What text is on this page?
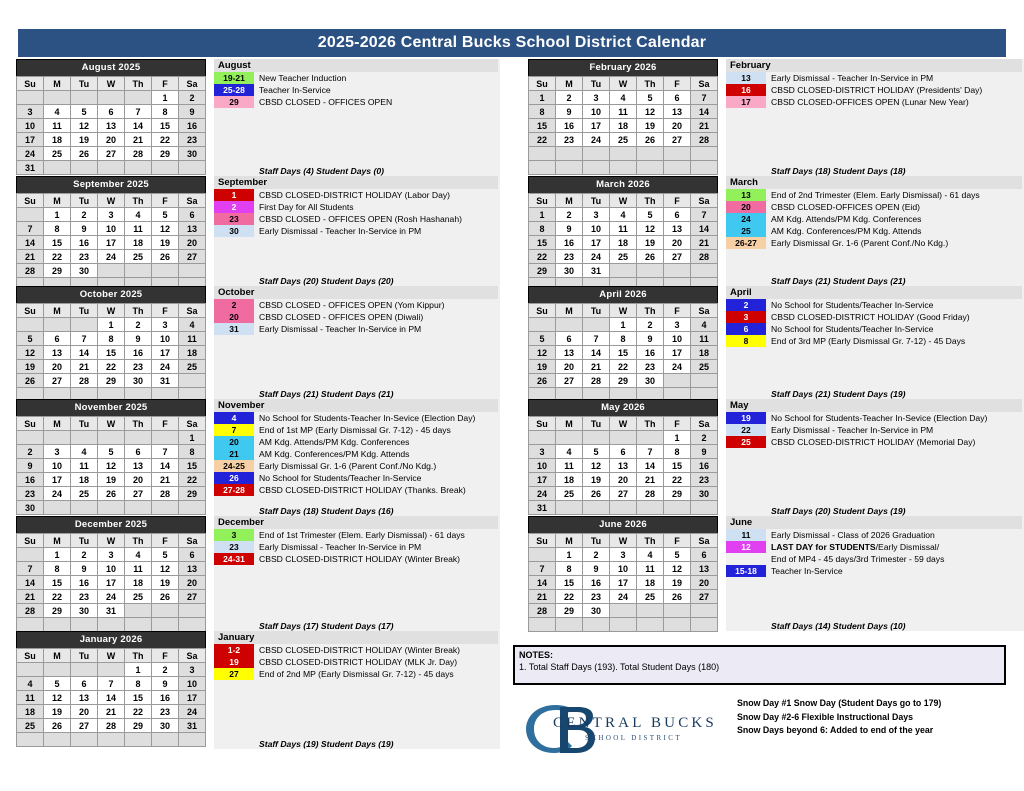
2025-2026 Central Bucks School District Calendar
August 2025
Su	M	Tu	W	Th	F	Sa
					1	2
3	4	5	6	7	8	9
10	11	12	13	14	15	16
17	18	19	20	21	22	23
24	25	26	27	28	29	30
31						
August
19-21	New Teacher Induction
25-28	Teacher In-Service
29	CBSD CLOSED - OFFICES OPEN
Staff Days (4) Student Days (0)
February 2026
Su	M	Tu	W	Th	F	Sa
1	2	3	4	5	6	7
8	9	10	11	12	13	14
15	16	17	18	19	20	21
22	23	24	25	26	27	28

February
13	Early Dismissal - Teacher In-Service in PM
16	CBSD CLOSED-DISTRICT HOLIDAY (Presidents' Day)
17	CBSD CLOSED-OFFICES OPEN (Lunar New Year)
Staff Days (18) Student Days (18)
September 2025
Su	M	Tu	W	Th	F	Sa
	1	2	3	4	5	6
7	8	9	10	11	12	13
14	15	16	17	18	19	20
21	22	23	24	25	26	27
28	29	30				

September
1	CBSD CLOSED-DISTRICT HOLIDAY (Labor Day)
2	First Day for All Students
23	CBSD CLOSED - OFFICES OPEN (Rosh Hashanah)
30	Early Dismissal - Teacher In-Service in PM
Staff Days (20) Student Days (20)
March 2026
Su	M	Tu	W	Th	F	Sa
1	2	3	4	5	6	7
8	9	10	11	12	13	14
15	16	17	18	19	20	21
22	23	24	25	26	27	28
29	30	31				

March
13	End of 2nd Trimester (Elem. Early Dismissal) - 61 days
20	CBSD CLOSED-OFFICES OPEN (Eid)
24	AM Kdg. Attends/PM Kdg. Conferences
25	AM Kdg. Conferences/PM Kdg. Attends
26-27	Early Dismissal Gr. 1-6 (Parent Conf./No Kdg.)
Staff Days (21) Student Days (21)
October 2025
Su	M	Tu	W	Th	F	Sa
			1	2	3	4
5	6	7	8	9	10	11
12	13	14	15	16	17	18
19	20	21	22	23	24	25
26	27	28	29	30	31	

October
2	CBSD CLOSED - OFFICES OPEN (Yom Kippur)
20	CBSD CLOSED - OFFICES OPEN (Diwali)
31	Early Dismissal - Teacher In-Service in PM
Staff Days (21) Student Days (21)
April 2026
Su	M	Tu	W	Th	F	Sa
			1	2	3	4
5	6	7	8	9	10	11
12	13	14	15	16	17	18
19	20	21	22	23	24	25
26	27	28	29	30		

April
2	No School for Students/Teacher In-Service
3	CBSD CLOSED-DISTRICT HOLIDAY (Good Friday)
6	No School for Students/Teacher In-Service
8	End of 3rd MP (Early Dismissal Gr. 7-12) - 45 Days
Staff Days (21) Student Days (19)
November 2025
Su	M	Tu	W	Th	F	Sa
						1
2	3	4	5	6	7	8
9	10	11	12	13	14	15
16	17	18	19	20	21	22
23	24	25	26	27	28	29
30						
November
4	No School for Students-Teacher In-Sevice (Election Day)
7	End of 1st MP (Early Dismissal Gr. 7-12) - 45 days
20	AM Kdg. Attends/PM Kdg. Conferences
21	AM Kdg. Conferences/PM Kdg. Attends
24-25	Early Dismissal Gr. 1-6 (Parent Conf./No Kdg.)
26	No School for Students/Teacher In-Service
27-28	CBSD CLOSED-DISTRICT HOLIDAY (Thanks. Break)
Staff Days (18) Student Days (16)
May 2026
Su	M	Tu	W	Th	F	Sa
					1	2
3	4	5	6	7	8	9
10	11	12	13	14	15	16
17	18	19	20	21	22	23
24	25	26	27	28	29	30
31						
May
19	No School for Students-Teacher In-Sevice (Election Day)
22	Early Dismissal - Teacher In-Service in PM
25	CBSD CLOSED-DISTRICT HOLIDAY (Memorial Day)
Staff Days (20) Student Days (19)
December 2025
Su	M	Tu	W	Th	F	Sa
	1	2	3	4	5	6
7	8	9	10	11	12	13
14	15	16	17	18	19	20
21	22	23	24	25	26	27
28	29	30	31			

December
3	End of 1st Trimester (Elem. Early Dismissal) - 61 days
23	Early Dismissal - Teacher In-Service in PM
24-31	CBSD CLOSED-DISTRICT HOLIDAY (Winter Break)
Staff Days (17) Student Days (17)
June 2026
Su	M	Tu	W	Th	F	Sa
	1	2	3	4	5	6
7	8	9	10	11	12	13
14	15	16	17	18	19	20
21	22	23	24	25	26	27
28	29	30				

June
11	Early Dismissal - Class of 2026 Graduation
12	LAST DAY for STUDENTS/Early Dismissal/
End of MP4 - 45 days/3rd Trimester - 59 days
15-18	Teacher In-Service
Staff Days (14) Student Days (10)
January 2026
Su	M	Tu	W	Th	F	Sa
				1	2	3
4	5	6	7	8	9	10
11	12	13	14	15	16	17
18	19	20	21	22	23	24
25	26	27	28	29	30	31

January
1-2	CBSD CLOSED-DISTRICT HOLIDAY (Winter Break)
19	CBSD CLOSED-DISTRICT HOLIDAY (MLK Jr. Day)
27	End of 2nd MP (Early Dismissal Gr. 7-12) - 45 days
Staff Days (19) Student Days (19)
NOTES:
1. Total Staff Days (193). Total Student Days (180)
CENTRAL BUCKS
SCHOOL DISTRICT
Snow Day #1 Snow Day (Student Days go to 179)
Snow Day #2-6 Flexible Instructional Days
Snow Days beyond 6: Added to end of the year
